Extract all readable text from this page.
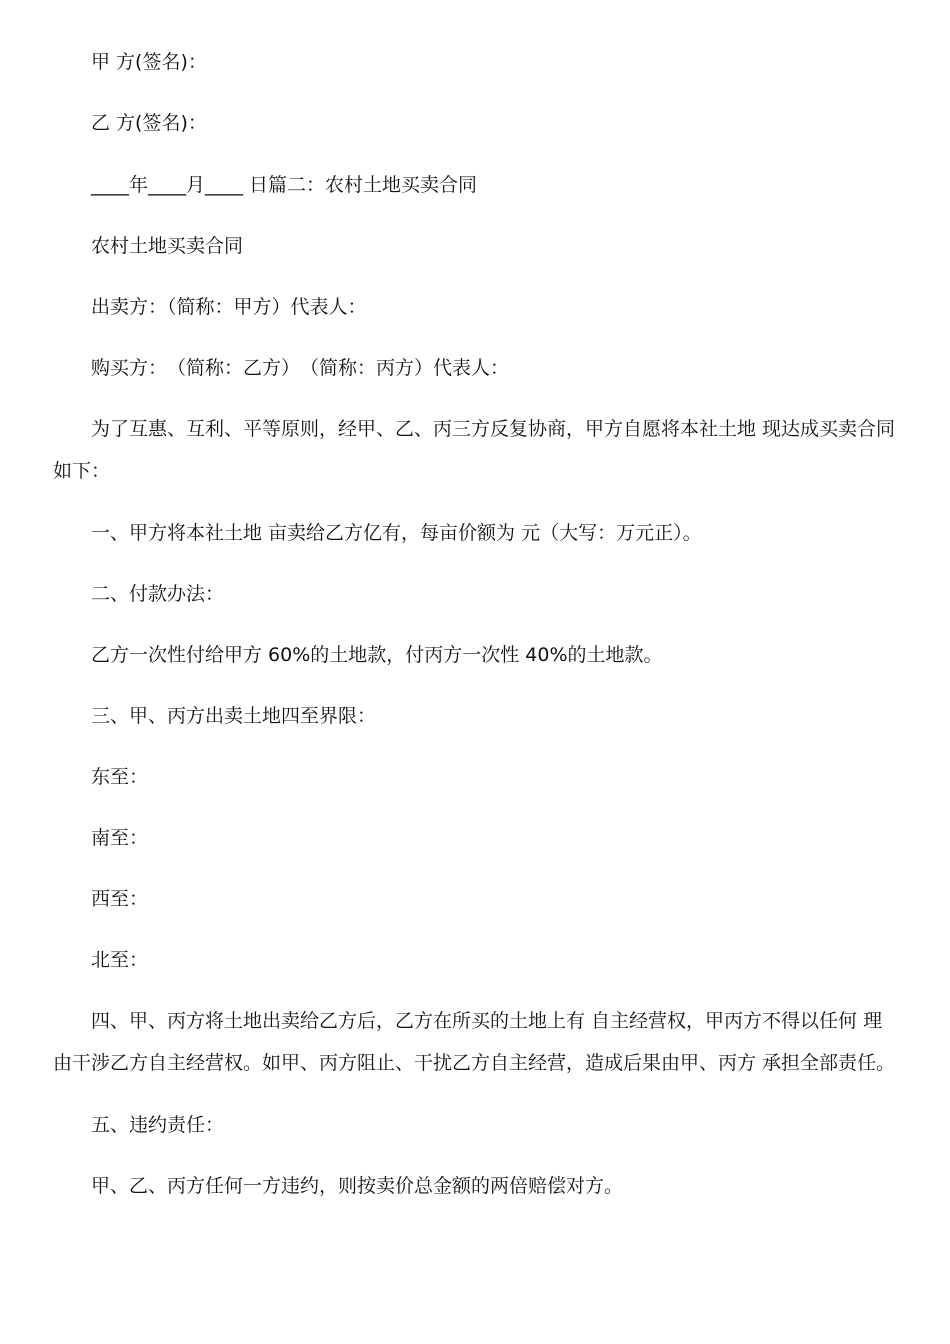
甲 方(签名)：

乙 方(签名)：

____年____月____ 日篇二：农村土地买卖合同

农村土地买卖合同

出卖方：（简称：甲方）代表人：

购买方：　（简称：乙方）　（简称：丙方）代表人：

为了互惠、互利、平等原则，经甲、乙、丙三方反复协商，甲方自愿将本社土地 现达成买卖合同如下：

一、甲方将本社土地 亩卖给乙方亿有，每亩价额为 元（大写：万元正）。

二、付款办法：

乙方一次性付给甲方 60%的土地款，付丙方一次性 40%的土地款。

三、甲、丙方出卖土地四至界限：

东至：

南至：

西至：

北至：

四、甲、丙方将土地出卖给乙方后，乙方在所买的土地上有 自主经营权，甲丙方不得以任何 理由干涉乙方自主经营权。如甲、丙方阻止、干扰乙方自主经营，造成后果由甲、丙方 承担全部责任。

五、违约责任：

甲、乙、丙方任何一方违约，则按卖价总金额的两倍赔偿对方。
